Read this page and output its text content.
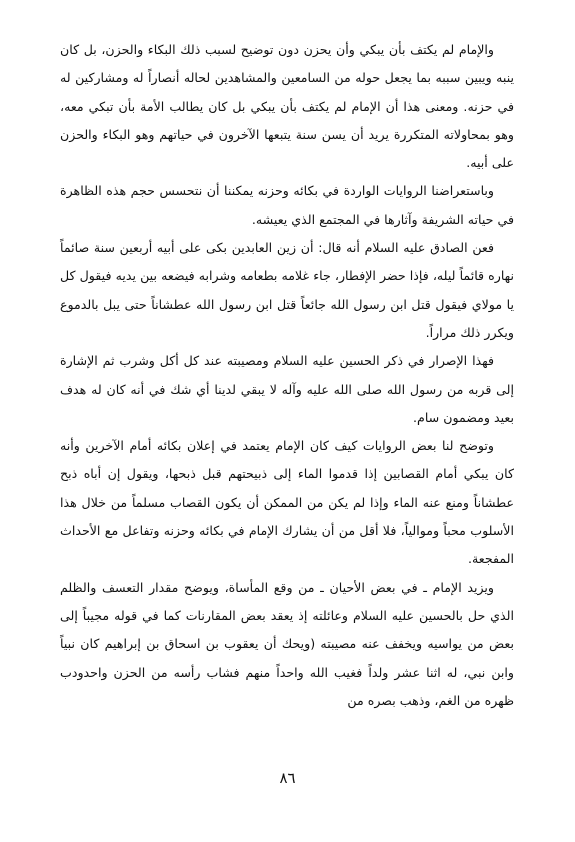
والإمام لم يكتف بأن يبكي وأن يحزن دون توضيح لسبب ذلك البكاء والحزن، بل كان ينبه ويبين سببه بما يجعل حوله من السامعين والمشاهدين لحاله أنصاراً له ومشاركين له في حزنه. ومعنى هذا أن الإمام لم يكتف بأن يبكي بل كان يطالب الأمة بأن تبكي معه، وهو بمحاولاته المتكررة يريد أن يسن سنة يتبعها الآخرون في حياتهم وهو البكاء والحزن على أبيه.

وباستعراضنا الروايات الواردة في بكائه وحزنه يمكننا أن نتحسس حجم هذه الظاهرة في حياته الشريفة وآثارها في المجتمع الذي يعيشه.

فعن الصادق عليه السلام أنه قال: أن زين العابدين بكى على أبيه أربعين سنة صائماً نهاره قائماً ليله، فإذا حضر الإفطار، جاء غلامه بطعامه وشرابه فيضعه بين يديه فيقول كل يا مولاي فيقول قتل ابن رسول الله جائعاً قتل ابن رسول الله عطشاناً حتى يبل بالدموع ويكرر ذلك مراراً.

فهذا الإصرار في ذكر الحسين عليه السلام ومصيبته عند كل أكل وشرب ثم الإشارة إلى قربه من رسول الله صلى الله عليه وآله لا يبقي لدينا أي شك في أنه كان له هدف بعيد ومضمون سام.

وتوضح لنا بعض الروايات كيف كان الإمام يعتمد في إعلان بكائه أمام الآخرين وأنه كان يبكي أمام القصابين إذا قدموا الماء إلى ذبيحتهم قبل ذبحها، ويقول إن أباه ذبح عطشاناً ومنع عنه الماء وإذا لم يكن من الممكن أن يكون القصاب مسلماً من خلال هذا الأسلوب محباً وموالياً، فلا أقل من أن يشارك الإمام في بكائه وحزنه وتفاعل مع الأحداث المفجعة.

ويزيد الإمام ـ في بعض الأحيان ـ من وقع المأساة، ويوضح مقدار التعسف والظلم الذي حل بالحسين عليه السلام وعائلته إذ يعقد بعض المقارنات كما في قوله مجيباً إلى بعض من يواسيه ويخفف عنه مصيبته (ويحك أن يعقوب بن اسحاق بن إبراهيم كان نبياً وابن نبي، له اثنا عشر ولداً فغيب الله واحداً منهم فشاب رأسه من الحزن واحدودب ظهره من الغم، وذهب بصره من

٨٦
